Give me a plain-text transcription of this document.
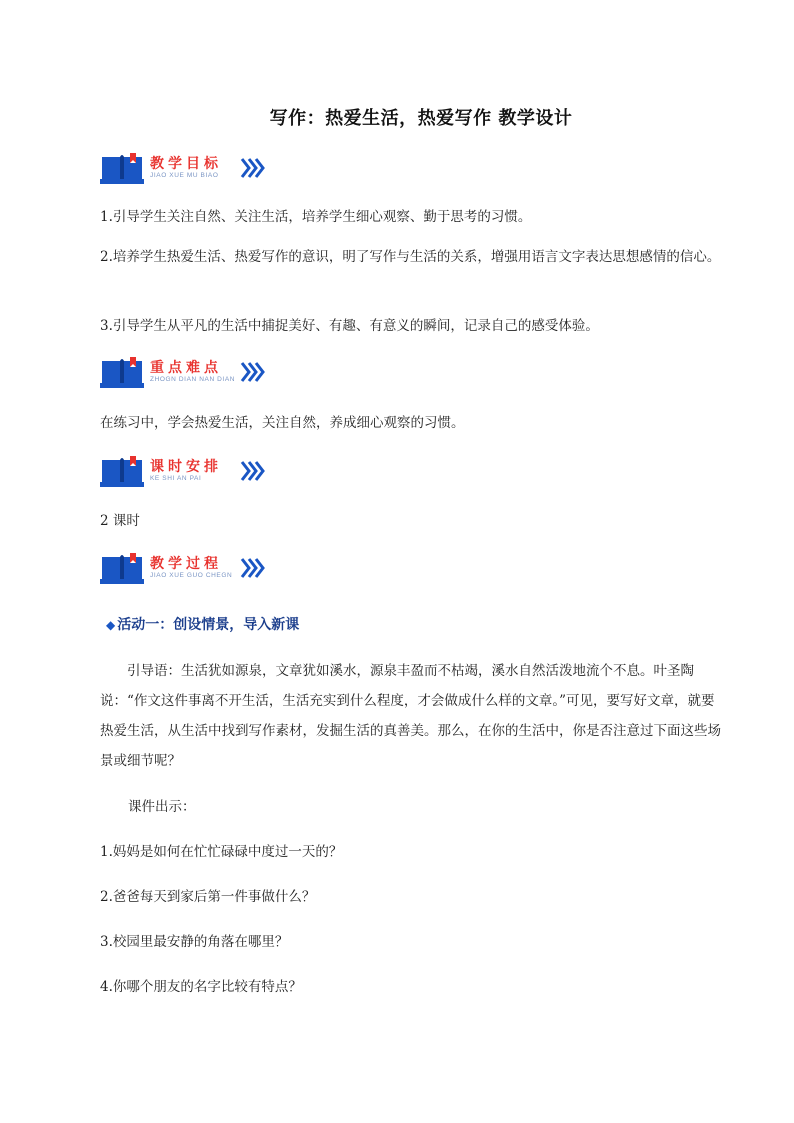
写作：热爱生活，热爱写作 教学设计
教学目标
JIAO XUE MU BIAO

1.引导学生关注自然、关注生活，培养学生细心观察、勤于思考的习惯。

2.培养学生热爱生活、热爱写作的意识，明了写作与生活的关系，增强用语言文字表达思想感情的信心。

3.引导学生从平凡的生活中捕捉美好、有趣、有意义的瞬间，记录自己的感受体验。

重点难点
ZHOGN DIAN NAN DIAN

在练习中，学会热爱生活，关注自然，养成细心观察的习惯。

课时安排
KE SHI AN PAI

2 课时

教学过程
JIAO XUE GUO CHEGN
◆ 活动一：创设情景，导入新课

引导语：生活犹如源泉，文章犹如溪水，源泉丰盈而不枯竭，溪水自然活泼地流个不息。叶圣陶说：“作文这件事离不开生活，生活充实到什么程度，才会做成什么样的文章。”可见，要写好文章，就要热爱生活，从生活中找到写作素材，发掘生活的真善美。那么，在你的生活中，你是否注意过下面这些场景或细节呢？

课件出示：

1.妈妈是如何在忙忙碌碌中度过一天的？

2.爸爸每天到家后第一件事做什么？

3.校园里最安静的角落在哪里？

4.你哪个朋友的名字比较有特点？
